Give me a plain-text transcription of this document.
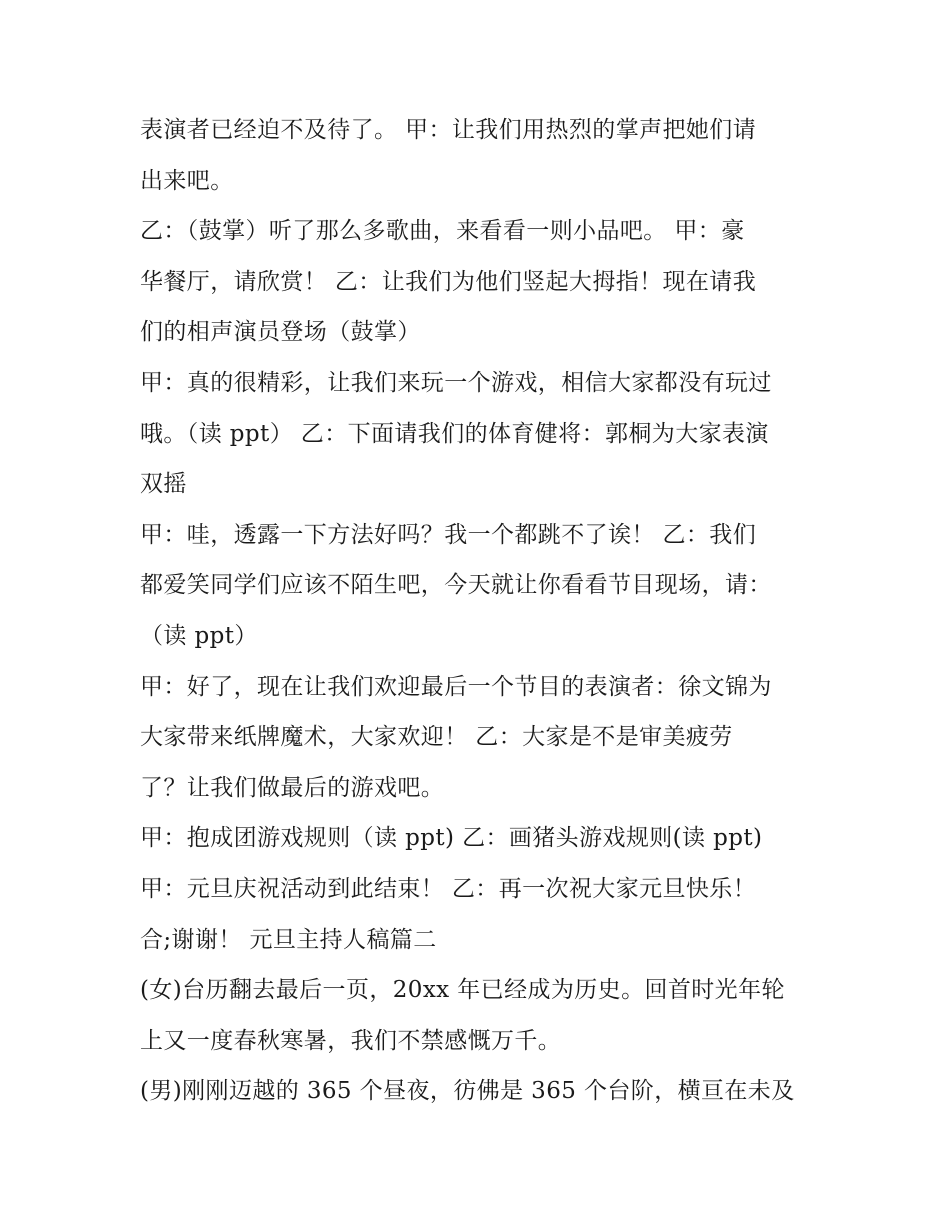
表演者已经迫不及待了。 甲：让我们用热烈的掌声把她们请
出来吧。
乙：（鼓掌）听了那么多歌曲，来看看一则小品吧。 甲：豪
华餐厅，请欣赏！ 乙：让我们为他们竖起大拇指！现在请我
们的相声演员登场（鼓掌）
甲：真的很精彩，让我们来玩一个游戏，相信大家都没有玩过
哦。（读 ppt） 乙：下面请我们的体育健将：郭桐为大家表演
双摇
甲：哇，透露一下方法好吗？我一个都跳不了诶！ 乙：我们
都爱笑同学们应该不陌生吧，今天就让你看看节目现场，请：
（读 ppt）
甲：好了，现在让我们欢迎最后一个节目的表演者：徐文锦为
大家带来纸牌魔术，大家欢迎！ 乙：大家是不是审美疲劳
了？让我们做最后的游戏吧。
甲：抱成团游戏规则（读 ppt) 乙：画猪头游戏规则(读 ppt)
甲：元旦庆祝活动到此结束！ 乙：再一次祝大家元旦快乐！
合;谢谢！ 元旦主持人稿篇二
(女)台历翻去最后一页，20xx 年已经成为历史。回首时光年轮
上又一度春秋寒暑，我们不禁感慨万千。
(男)刚刚迈越的 365 个昼夜，彷佛是 365 个台阶，横亘在未及
